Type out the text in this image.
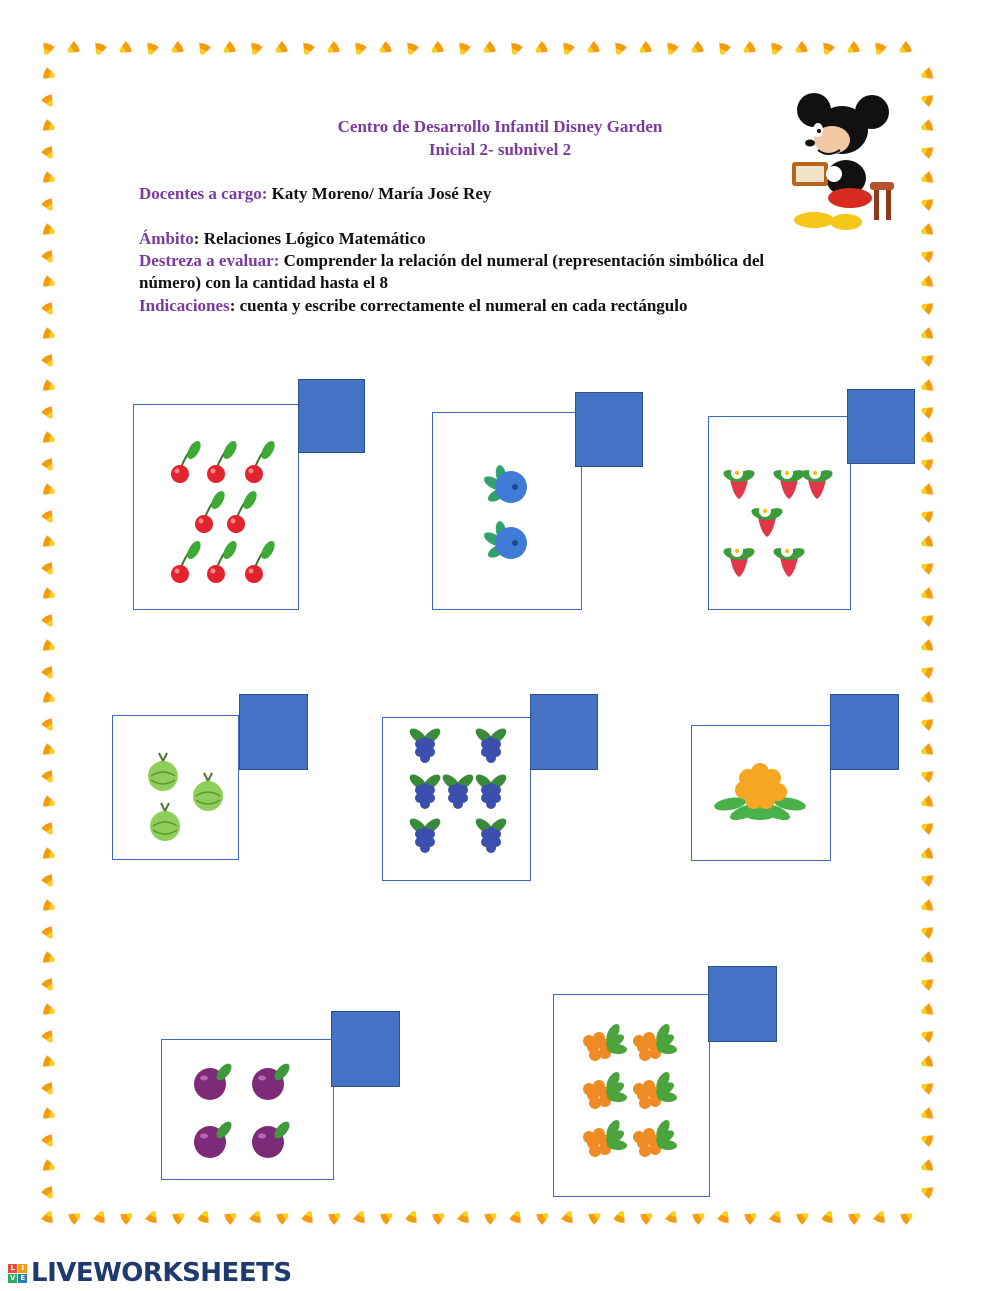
Centro de Desarrollo Infantil Disney Garden
Inicial 2- subnivel 2
Docentes a cargo: Katy Moreno/ María José Rey
Ámbito: Relaciones Lógico Matemático
Destreza a evaluar: Comprender la relación del numeral (representación simbólica del
número) con la cantidad hasta el 8
Indicaciones: cuenta y escribe correctamente el numeral en cada rectángulo
L I
V E LIVEWORKSHEETS
